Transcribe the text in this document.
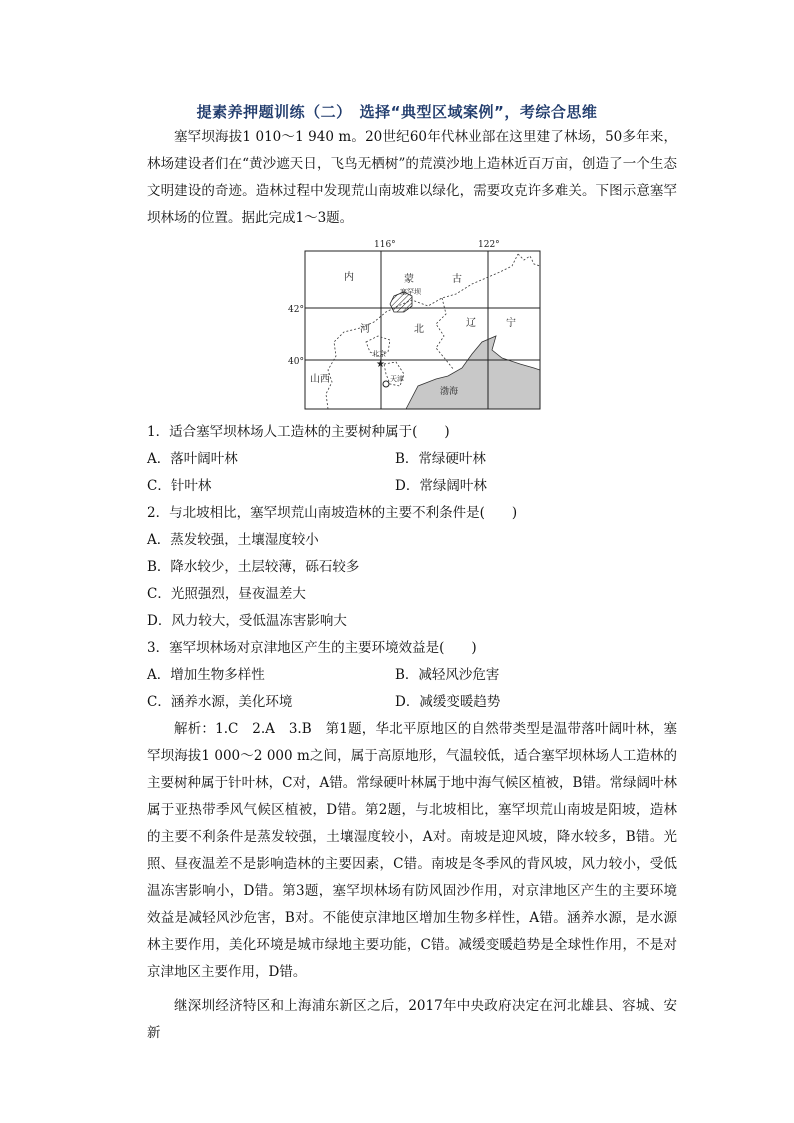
提素养押题训练（二）　选择“典型区域案例”，考综合思维
塞罕坝海拔1 010～1 940 m。20世纪60年代林业部在这里建了林场，50多年来，林场建设者们在“黄沙遮天日，飞鸟无栖树”的荒漠沙地上造林近百万亩，创造了一个生态文明建设的奇迹。造林过程中发现荒山南坡难以绿化，需要攻克许多难关。下图示意塞罕坝林场的位置。据此完成1～3题。
116°	122°
42°
40°
内	蒙	古
河	北
辽	宁
山西
渤海
塞罕坝
北京
天津
★
1．适合塞罕坝林场人工造林的主要树种属于(　　)
A．落叶阔叶林	B．常绿硬叶林
C．针叶林	D．常绿阔叶林
2．与北坡相比，塞罕坝荒山南坡造林的主要不利条件是(　　)
A．蒸发较强，土壤湿度较小
B．降水较少，土层较薄，砾石较多
C．光照强烈，昼夜温差大
D．风力较大，受低温冻害影响大
3．塞罕坝林场对京津地区产生的主要环境效益是(　　)
A．增加生物多样性	B．减轻风沙危害
C．涵养水源，美化环境	D．减缓变暖趋势
解析：1.C　2.A　3.B　第1题，华北平原地区的自然带类型是温带落叶阔叶林，塞罕坝海拔1 000～2 000 m之间，属于高原地形，气温较低，适合塞罕坝林场人工造林的主要树种属于针叶林，C对，A错。常绿硬叶林属于地中海气候区植被，B错。常绿阔叶林属于亚热带季风气候区植被，D错。第2题，与北坡相比，塞罕坝荒山南坡是阳坡，造林的主要不利条件是蒸发较强，土壤湿度较小，A对。南坡是迎风坡，降水较多，B错。光照、昼夜温差不是影响造林的主要因素，C错。南坡是冬季风的背风坡，风力较小，受低温冻害影响小，D错。第3题，塞罕坝林场有防风固沙作用，对京津地区产生的主要环境效益是减轻风沙危害，B对。不能使京津地区增加生物多样性，A错。涵养水源，是水源林主要作用，美化环境是城市绿地主要功能，C错。减缓变暖趋势是全球性作用，不是对京津地区主要作用，D错。
继深圳经济特区和上海浦东新区之后，2017年中央政府决定在河北雄县、容城、安新
